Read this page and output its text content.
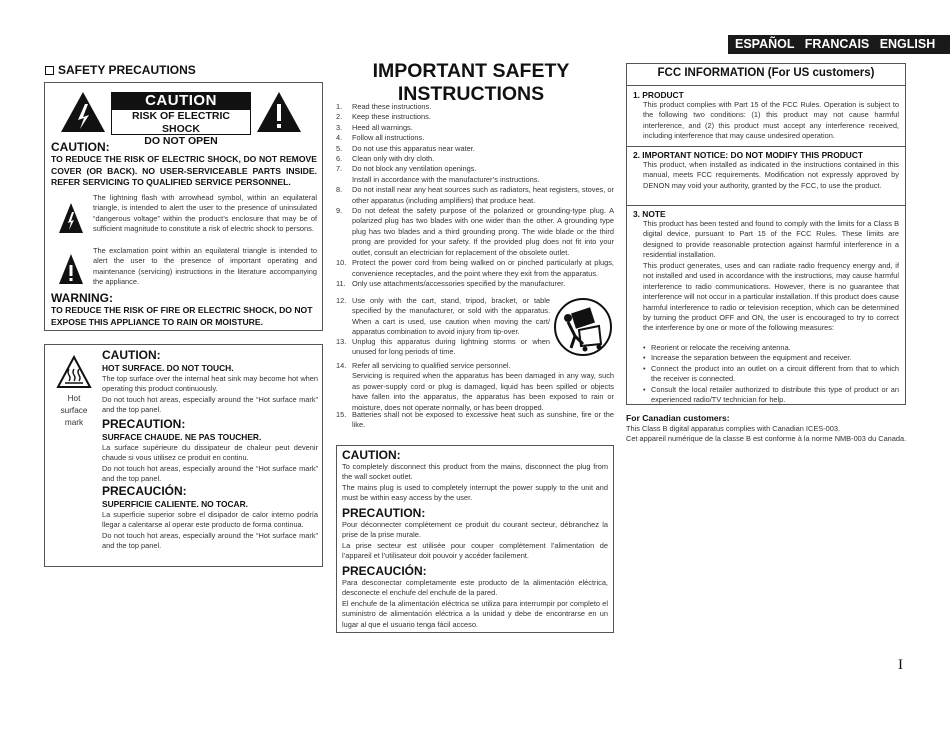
ESPAÑOL   FRANCAIS   ENGLISH
SAFETY PRECAUTIONS
CAUTION
RISK OF ELECTRIC SHOCK
DO NOT OPEN
CAUTION:
TO REDUCE THE RISK OF ELECTRIC SHOCK, DO NOT REMOVE COVER (OR BACK). NO USER-SERVICEABLE PARTS INSIDE. REFER SERVICING TO QUALIFIED SERVICE PERSONNEL.
The lightning flash with arrowhead symbol, within an equilateral triangle, is intended to alert the user to the presence of uninsulated “dangerous voltage” within the product’s enclosure that may be of sufficient magnitude to constitute a risk of electric shock to persons.
The exclamation point within an equilateral triangle is intended to alert the user to the presence of important operating and maintenance (servicing) instructions in the literature accompanying the appliance.
WARNING:
TO REDUCE THE RISK OF FIRE OR ELECTRIC SHOCK, DO NOT EXPOSE THIS APPLIANCE TO RAIN OR MOISTURE.
Hot
surface
mark
CAUTION:
HOT SURFACE. DO NOT TOUCH.
The top surface over the internal heat sink may become hot when operating this product continuously.
Do not touch hot areas, especially around the “Hot surface mark” and the top panel.
PRECAUTION:
SURFACE CHAUDE. NE PAS TOUCHER.
La surface supérieure du dissipateur de chaleur peut devenir chaude si vous utilisez ce produit en continu.
Do not touch hot areas, especially around the “Hot surface mark” and the top panel.
PRECAUCIÓN:
SUPERFICIE CALIENTE. NO TOCAR.
La superficie superior sobre el disipador de calor interno podría llegar a calentarse al operar este producto de forma continua.
Do not touch hot areas, especially around the “Hot surface mark” and the top panel.
IMPORTANT SAFETY
INSTRUCTIONS
1.	Read these instructions.
2.	Keep these instructions.
3.	Heed all warnings.
4.	Follow all instructions.
5.	Do not use this apparatus near water.
6.	Clean only with dry cloth.
7.	Do not block any ventilation openings.
Install in accordance with the manufacturer’s instructions.
8.	Do not install near any heat sources such as radiators, heat registers, stoves, or other apparatus (including amplifiers) that produce heat.
9.	Do not defeat the safety purpose of the polarized or grounding-type plug. A polarized plug has two blades with one wider than the other. A grounding type plug has two blades and a third grounding prong. The wide blade or the third prong are provided for your safety. If the provided plug does not fit into your outlet, consult an electrician for replacement of the obsolete outlet.
10. Protect the power cord from being walked on or pinched particularly at plugs, convenience receptacles, and the point where they exit from the apparatus.
11. Only use attachments/accessories specified by the manufacturer.
12. Use only with the cart, stand, tripod, bracket, or table specified by the manufacturer, or sold with the apparatus. When a cart is used, use caution when moving the cart/ apparatus combination to avoid injury from tip-over.
13. Unplug this apparatus during lightning storms or when unused for long periods of time.
14. Refer all servicing to qualified service personnel.
Servicing is required when the apparatus has been damaged in any way, such as power-supply cord or plug is damaged, liquid has been spilled or objects have fallen into the apparatus, the apparatus has been exposed to rain or moisture, does not operate normally, or has been dropped.
15. Batteries shall not be exposed to excessive heat such as sunshine, fire or the like.
CAUTION:
To completely disconnect this product from the mains, disconnect the plug from the wall socket outlet.
The mains plug is used to completely interrupt the power supply to the unit and must be within easy access by the user.
PRECAUTION:
Pour déconnecter complètement ce produit du courant secteur, débranchez la prise de la prise murale.
La prise secteur est utilisée pour couper complètement l’alimentation de l’appareil et l’utilisateur doit pouvoir y accéder facilement.
PRECAUCIÓN:
Para desconectar completamente este producto de la alimentación eléctrica, desconecte el enchufe del enchufe de la pared.
El enchufe de la alimentación eléctrica se utiliza para interrumpir por completo el suministro de alimentación eléctrica a la unidad y debe de encontrarse en un lugar al que el usuario tenga fácil acceso.
FCC INFORMATION (For US customers)
1. PRODUCT
This product complies with Part 15 of the FCC Rules. Operation is subject to the following two conditions: (1) this product may not cause harmful interference, and (2) this product must accept any interference received, including interference that may cause undesired operation.
2. IMPORTANT NOTICE: DO NOT MODIFY THIS PRODUCT
This product, when installed as indicated in the instructions contained in this manual, meets FCC requirements. Modification not expressly approved by DENON may void your authority, granted by the FCC, to use the product.
3. NOTE
This product has been tested and found to comply with the limits for a Class B digital device, pursuant to Part 15 of the FCC Rules. These limits are designed to provide reasonable protection against harmful interference in a residential installation.
This product generates, uses and can radiate radio frequency energy and, if not installed and used in accordance with the instructions, may cause harmful interference to radio communications. However, there is no guarantee that interference will not occur in a particular installation. If this product does cause harmful interference to radio or television reception, which can be determined by turning the product OFF and ON, the user is encouraged to try to correct the interference by one or more of the following measures:
• Reorient or relocate the receiving antenna.
• Increase the separation between the equipment and receiver.
• Connect the product into an outlet on a circuit different from that to which the receiver is connected.
• Consult the local retailer authorized to distribute this type of product or an experienced radio/TV technician for help.
For Canadian customers:
This Class B digital apparatus complies with Canadian ICES-003.
Cet appareil numérique de la classe B est conforme à la norme NMB-003 du Canada.
I
